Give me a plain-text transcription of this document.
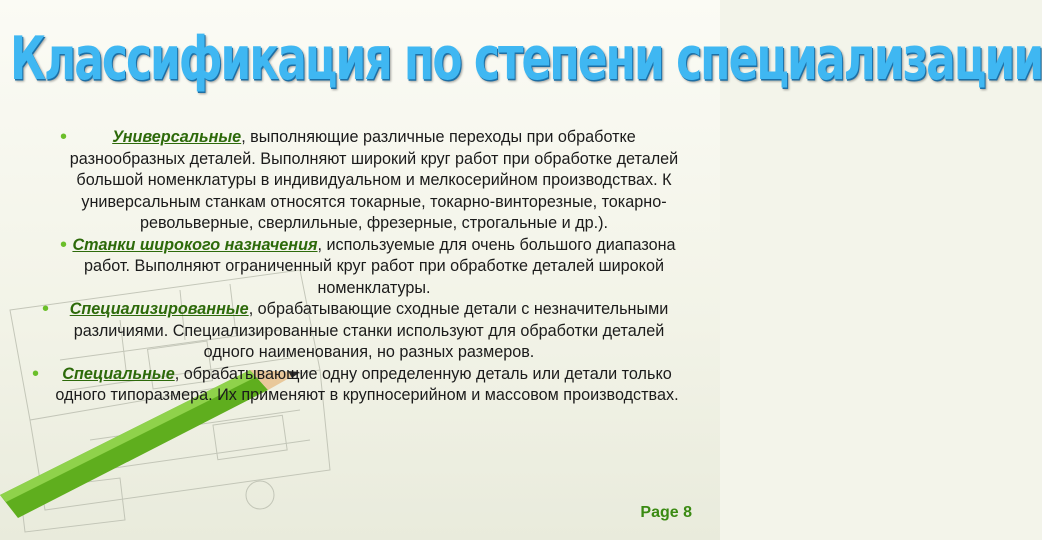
Классификация по степени специализации
•	Универсальные, выполняющие различные переходы при обработке разнообразных деталей. Выполняют широкий круг работ при обработке деталей большой номенклатуры в индивидуальном и мелкосерийном производствах. К универсальным станкам относятся токарные, токарно-винторезные, токарно-револьверные, сверлильные, фрезерные, строгальные и др.).
• Станки широкого назначения, используемые для очень большого диапазона работ. Выполняют ограниченный круг работ при обработке деталей широкой номенклатуры.
• Специализированные, обрабатывающие сходные детали с незначительными различиями. Специализированные станки используют для обработки деталей одного наименования, но разных размеров.
• Специальные, обрабатывающие одну определенную деталь или детали только одного типоразмера. Их применяют в крупносерийном и массовом производствах.
Page 8
